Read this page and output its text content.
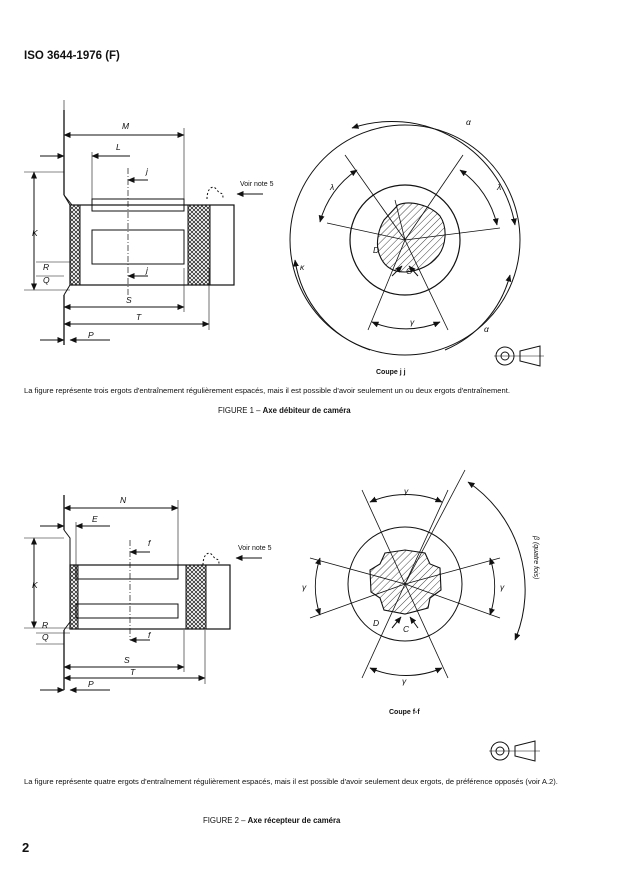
ISO 3644-1976 (F)
M
L
j
j
K
R
Q
S
T
P
Voir note 5
α
α
λ	λ
κ
γ
D
C
Coupe j j
La figure représente trois ergots d'entraînement régulièrement espacés, mais il est possible d'avoir seulement un ou deux ergots d'entraînement.
FIGURE 1 – Axe débiteur de caméra
N
E
f
f
K
R
Q
S
T
P
Voir note 5
γ
γ	γ
γ
β (quatre fois)
D
C
Coupe f-f
La figure représente quatre ergots d'entraînement régulièrement espacés, mais il est possible d'avoir seulement deux ergots, de préférence opposés (voir A.2).
FIGURE 2 – Axe récepteur de caméra
2
